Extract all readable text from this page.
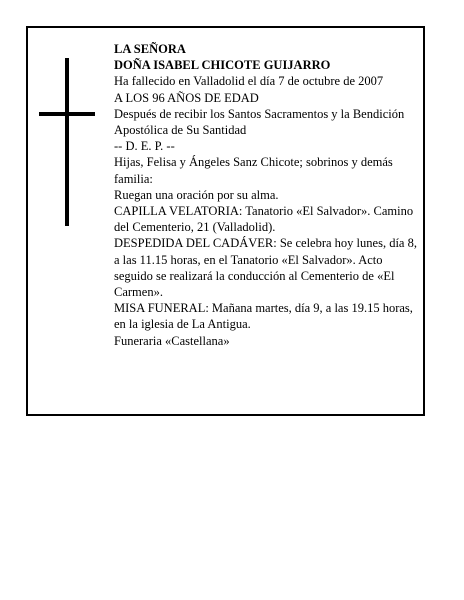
LA SEÑORA
DOÑA ISABEL CHICOTE GUIJARRO
Ha fallecido en Valladolid el día 7 de octubre de 2007
A LOS 96 AÑOS DE EDAD
Después de recibir los Santos Sacramentos y la Bendición Apostólica de Su Santidad
-- D. E. P. --
Hijas, Felisa y Ángeles Sanz Chicote; sobrinos y demás familia:
Ruegan una oración por su alma.
CAPILLA VELATORIA: Tanatorio «El Salvador». Camino del Cementerio, 21 (Valladolid).
DESPEDIDA DEL CADÁVER: Se celebra hoy lunes, día 8, a las 11.15 horas, en el Tanatorio «El Salvador». Acto seguido se realizará la conducción al Cementerio de «El Carmen».
MISA FUNERAL: Mañana martes, día 9, a las 19.15 horas, en la iglesia de La Antigua.
Funeraria «Castellana»
